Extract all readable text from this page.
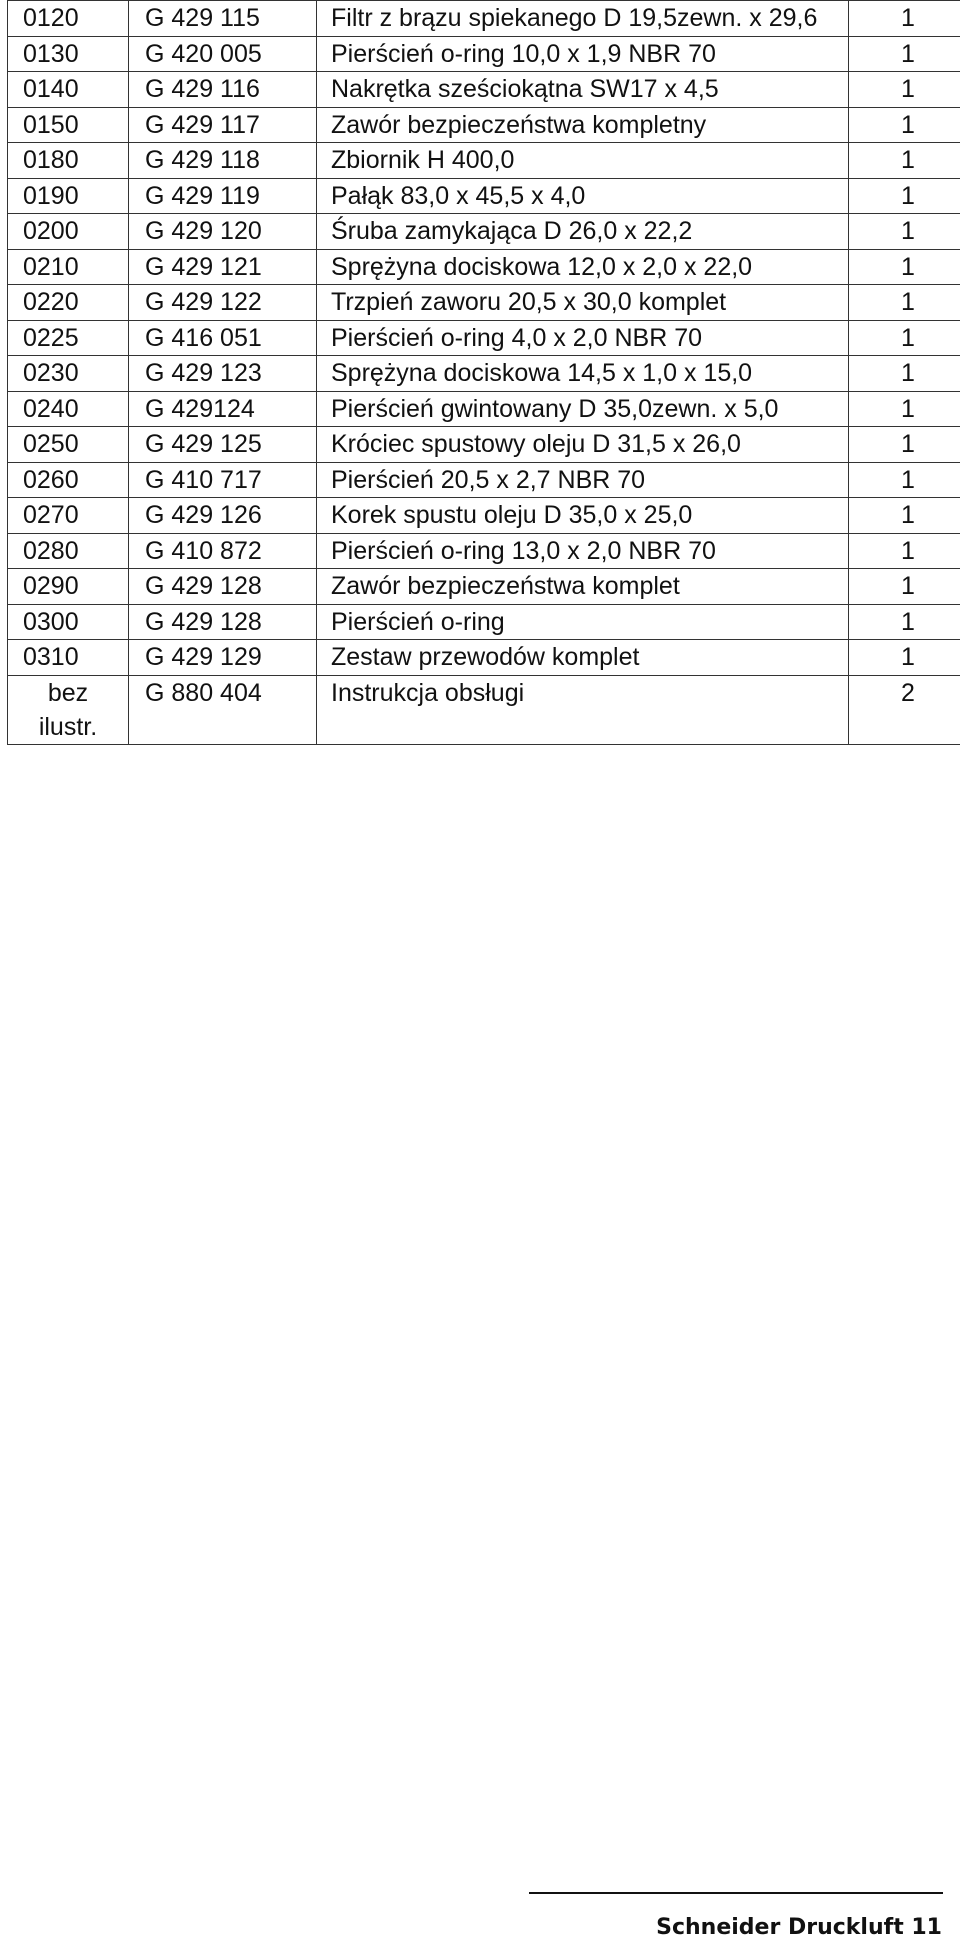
0120	G 429 115	Filtr z brązu spiekanego D 19,5zewn. x 29,6	1
0130	G 420 005	Pierścień o-ring 10,0 x 1,9 NBR 70	1
0140	G 429 116	Nakrętka sześciokątna SW17 x 4,5	1
0150	G 429 117	Zawór bezpieczeństwa kompletny	1
0180	G 429 118	Zbiornik H 400,0	1
0190	G 429 119	Pałąk 83,0 x 45,5 x 4,0	1
0200	G 429 120	Śruba zamykająca D 26,0 x 22,2	1
0210	G 429 121	Sprężyna dociskowa 12,0 x 2,0 x 22,0	1
0220	G 429 122	Trzpień zaworu 20,5 x 30,0 komplet	1
0225	G 416 051	Pierścień o-ring 4,0 x 2,0 NBR 70	1
0230	G 429 123	Sprężyna dociskowa 14,5 x 1,0 x 15,0	1
0240	G 429124	Pierścień gwintowany D 35,0zewn. x 5,0	1
0250	G 429 125	Króciec spustowy oleju D 31,5 x 26,0	1
0260	G 410 717	Pierścień 20,5 x 2,7 NBR 70	1
0270	G 429 126	Korek spustu oleju D 35,0 x 25,0	1
0280	G 410 872	Pierścień o-ring 13,0 x 2,0 NBR 70	1
0290	G 429 128	Zawór bezpieczeństwa komplet	1
0300	G 429 128	Pierścień o-ring	1
0310	G 429 129	Zestaw przewodów komplet	1
bez ilustr.	G 880 404	Instrukcja obsługi	2
Schneider Druckluft 11
